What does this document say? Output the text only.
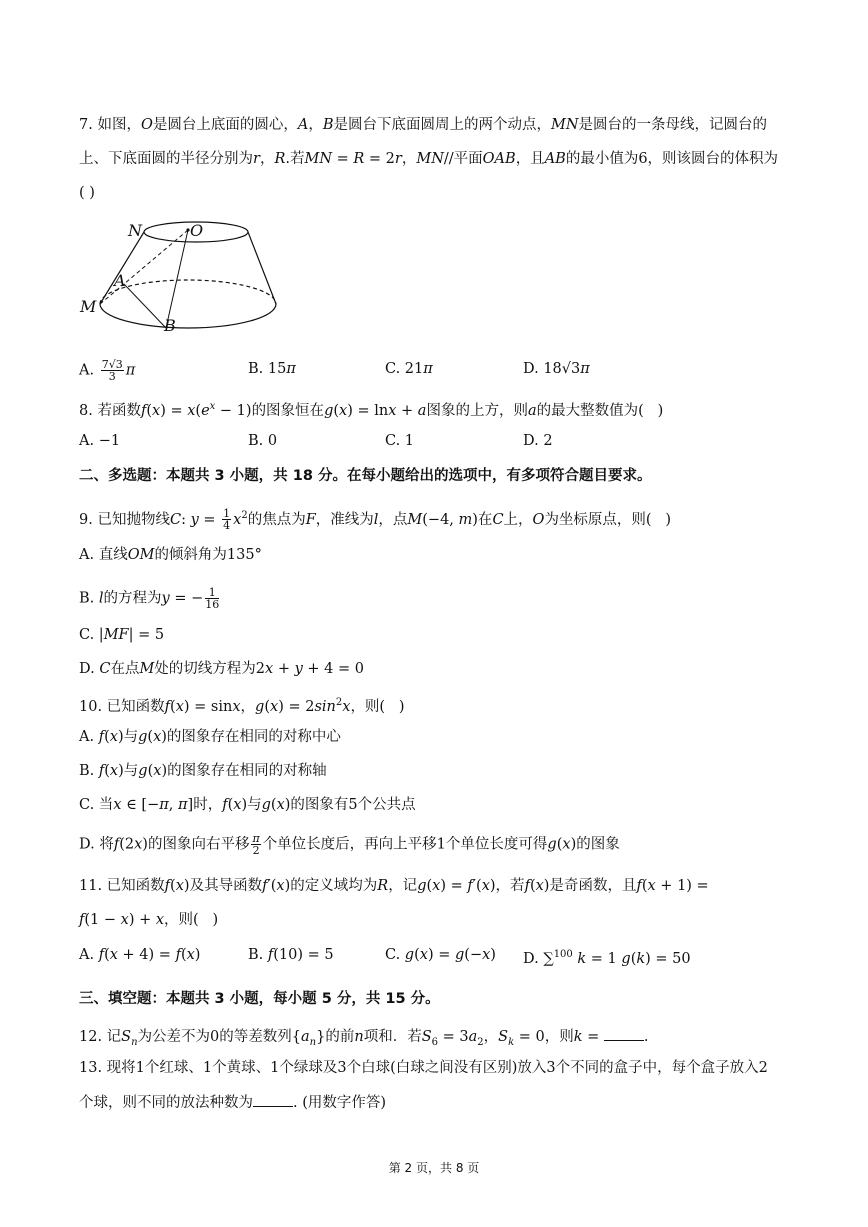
7. 如图，O是圆台上底面的圆心，A，B是圆台下底面圆周上的两个动点，MN是圆台的一条母线，记圆台的
上、下底面圆的半径分别为r，R.若MN = R = 2r，MN//平面OAB，且AB的最小值为6，则该圆台的体积为
( )
N	O
A
M
B
A. $\frac{7√3}{3}$ π	B. 15π	C. 21π	D. 18√3π
8. 若函数$f(x) = x(e^x - 1)$的图象恒在g(x) = lnx + a图象的上方，则a的最大整数值为(   )
A. −1	B. 0	C. 1	D. 2
二、多选题：本题共 3 小题，共 18 分。在每小题给出的选项中，有多项符合题目要求。
9. 已知抛物线C: $y = \frac{1}{4} x^2$的焦点为F，准线为l，点M(−4, m)在C上，O为坐标原点，则(   )
A. 直线OM的倾斜角为135°
B. l的方程为y = − $\frac{1}{16}$
C. |MF| = 5
D. C在点M处的切线方程为2x + y + 4 = 0
10. 已知函数f(x) = sinx，$g(x) = 2\sin^2x$，则(   )
A. f(x)与g(x)的图象存在相同的对称中心
B. f(x)与g(x)的图象存在相同的对称轴
C. 当x ∈ [−π, π]时，f(x)与g(x)的图象有5个公共点
D. 将f(2x)的图象向右平移 $\frac{\pi}{2}$ 个单位长度后，再向上平移1个单位长度可得g(x)的图象
11. 已知函数f(x)及其导函数f′(x)的定义域均为R，记g(x) = f′(x)，若f(x)是奇函数，且f(x + 1) =
f(1 − x) + x，则(   )
A. f(x + 4) = f(x)	B. f(10) = 5	C. g(x) = g(−x) D. ∑$^{100}$ k = 1 g(k) = 50
三、填空题：本题共 3 小题，每小题 5 分，共 15 分。
12. 记$S_n$为公差不为0的等差数列$\{a_n\}$的前n项和．若$S_6 = 3a_2$，$S_k = 0$，则k =	.
13. 现将1个红球、1个黄球、1个绿球及3个白球(白球之间没有区别)放入3个不同的盒子中，每个盒子放入2
个球，则不同的放法种数为	. (用数字作答)
第 2 页，共 8 页
